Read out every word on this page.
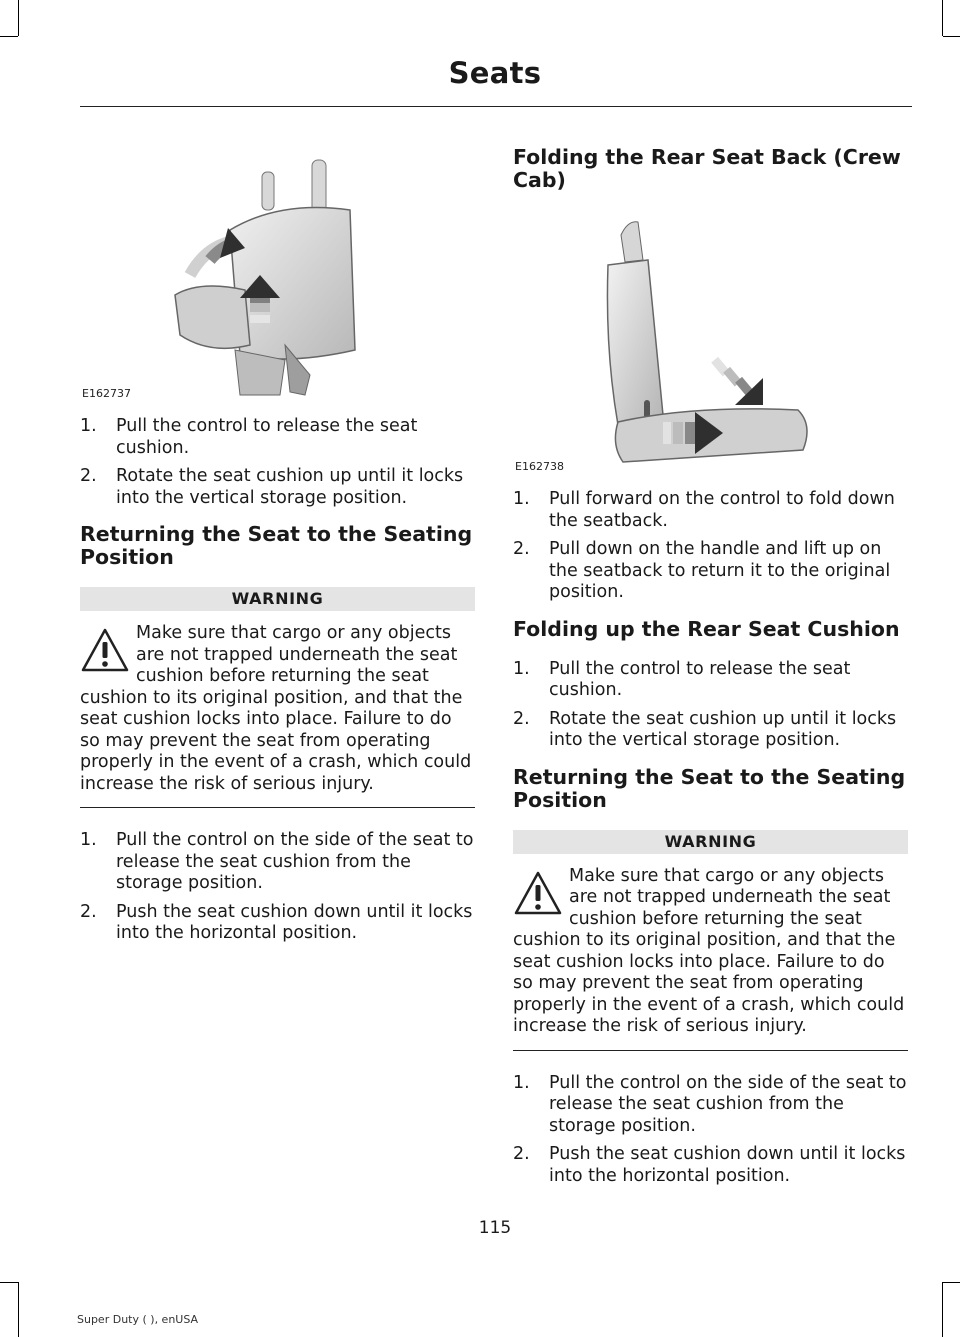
Seats
E162737
1. Pull the control to release the seat cushion.
2. Rotate the seat cushion up until it locks into the vertical storage position.
Returning the Seat to the Seating Position
WARNING
Make sure that cargo or any objects are not trapped underneath the seat cushion before returning the seat cushion to its original position, and that the seat cushion locks into place. Failure to do so may prevent the seat from operating properly in the event of a crash, which could increase the risk of serious injury.
1. Pull the control on the side of the seat to release the seat cushion from the storage position.
2. Push the seat cushion down until it locks into the horizontal position.
Folding the Rear Seat Back (Crew Cab)
E162738
1. Pull forward on the control to fold down the seatback.
2. Pull down on the handle and lift up on the seatback to return it to the original position.
Folding up the Rear Seat Cushion
1. Pull the control to release the seat cushion.
2. Rotate the seat cushion up until it locks into the vertical storage position.
Returning the Seat to the Seating Position
WARNING
Make sure that cargo or any objects are not trapped underneath the seat cushion before returning the seat cushion to its original position, and that the seat cushion locks into place. Failure to do so may prevent the seat from operating properly in the event of a crash, which could increase the risk of serious injury.
1. Pull the control on the side of the seat to release the seat cushion from the storage position.
2. Push the seat cushion down until it locks into the horizontal position.
115
Super Duty ( ), enUSA
